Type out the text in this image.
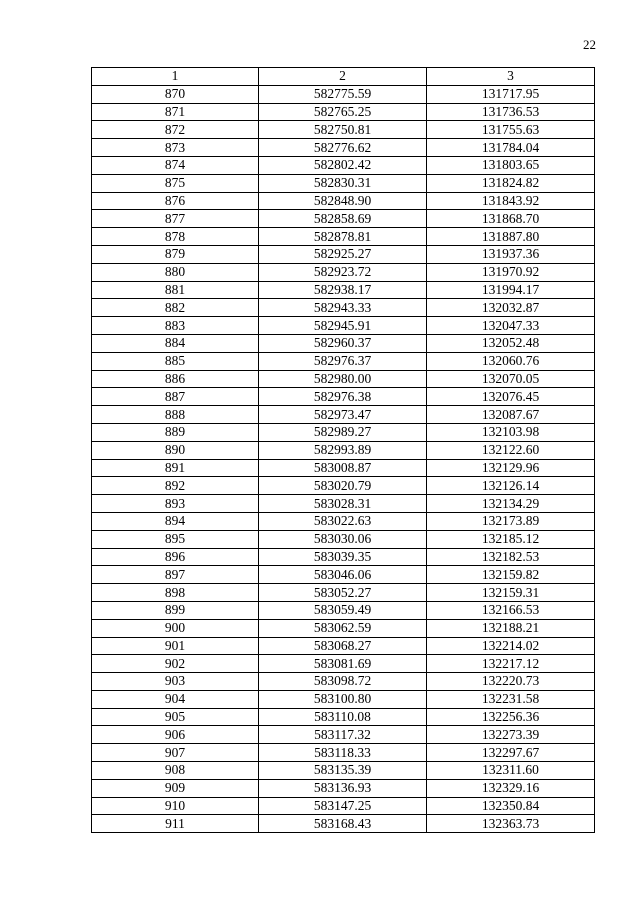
22
1	2	3
870	582775.59	131717.95
871	582765.25	131736.53
872	582750.81	131755.63
873	582776.62	131784.04
874	582802.42	131803.65
875	582830.31	131824.82
876	582848.90	131843.92
877	582858.69	131868.70
878	582878.81	131887.80
879	582925.27	131937.36
880	582923.72	131970.92
881	582938.17	131994.17
882	582943.33	132032.87
883	582945.91	132047.33
884	582960.37	132052.48
885	582976.37	132060.76
886	582980.00	132070.05
887	582976.38	132076.45
888	582973.47	132087.67
889	582989.27	132103.98
890	582993.89	132122.60
891	583008.87	132129.96
892	583020.79	132126.14
893	583028.31	132134.29
894	583022.63	132173.89
895	583030.06	132185.12
896	583039.35	132182.53
897	583046.06	132159.82
898	583052.27	132159.31
899	583059.49	132166.53
900	583062.59	132188.21
901	583068.27	132214.02
902	583081.69	132217.12
903	583098.72	132220.73
904	583100.80	132231.58
905	583110.08	132256.36
906	583117.32	132273.39
907	583118.33	132297.67
908	583135.39	132311.60
909	583136.93	132329.16
910	583147.25	132350.84
911	583168.43	132363.73
